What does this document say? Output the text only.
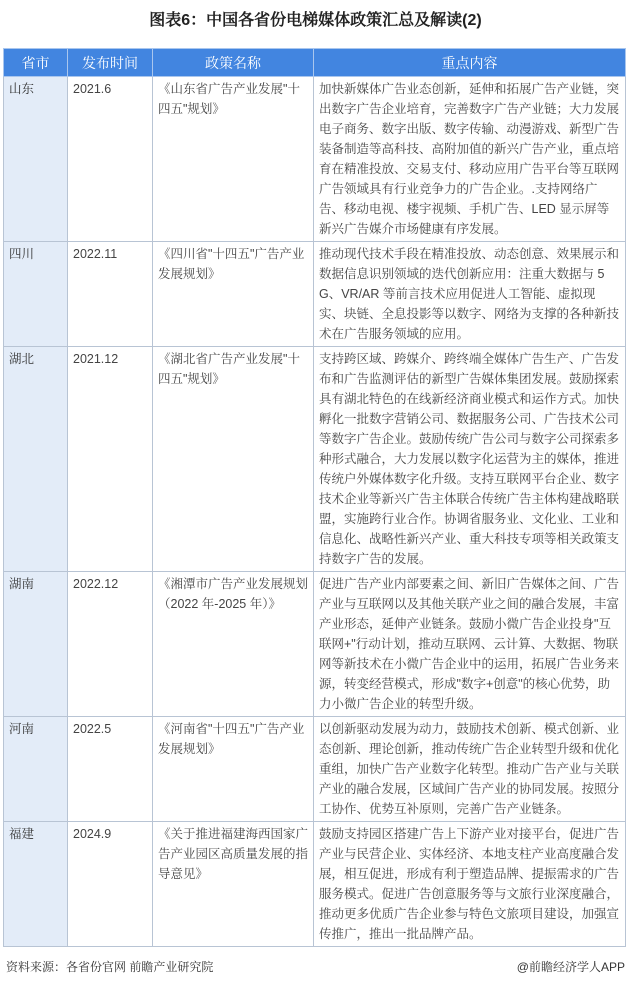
图表6：中国各省份电梯媒体政策汇总及解读(2)
省市	发布时间	政策名称	重点内容
山东	2021.6	《山东省广告产业发展"十四五"规划》	加快新媒体广告业态创新，延伸和拓展广告产业链，突出数字广告企业培育，完善数字广告产业链；大力发展电子商务、数字出版、数字传输、动漫游戏、新型广告装备制造等高科技、高附加值的新兴广告产业，重点培育在精准投放、交易支付、移动应用广告平台等互联网广告领域具有行业竞争力的广告企业。.支持网络广告、移动电视、楼宇视频、手机广告、LED 显示屏等新兴广告媒介市场健康有序发展。
四川	2022.11	《四川省"十四五"广告产业发展规划》	推动现代技术手段在精准投放、动态创意、效果展示和数据信息识别领域的迭代创新应用：注重大数据与 5G、VR/AR 等前言技术应用促进人工智能、虚拟现实、块链、全息投影等以数字、网络为支撑的各种新技术在广告服务领域的应用。
湖北	2021.12	《湖北省广告产业发展"十四五"规划》	支持跨区域、跨媒介、跨终端全媒体广告生产、广告发布和广告监测评估的新型广告媒体集团发展。鼓励探索具有湖北特色的在线新经济商业模式和运作方式。加快孵化一批数字营销公司、数据服务公司、广告技术公司等数字广告企业。鼓励传统广告公司与数字公司探索多种形式融合，大力发展以数字化运营为主的媒体，推进传统户外媒体数字化升级。支持互联网平台企业、数字技术企业等新兴广告主体联合传统广告主体构建战略联盟，实施跨行业合作。协调省服务业、文化业、工业和信息化、战略性新兴产业、重大科技专项等相关政策支持数字广告的发展。
湖南	2022.12	《湘潭市广告产业发展规划（2022 年-2025 年）》	促进广告产业内部要素之间、新旧广告媒体之间、广告产业与互联网以及其他关联产业之间的融合发展，丰富产业形态，延伸产业链条。鼓励小微广告企业投身"互联网+"行动计划，推动互联网、云计算、大数据、物联网等新技术在小微广告企业中的运用，拓展广告业务来源，转变经营模式，形成"数字+创意"的核心优势，助力小微广告企业的转型升级。
河南	2022.5	《河南省"十四五"广告产业发展规划》	以创新驱动发展为动力，鼓励技术创新、模式创新、业态创新、理论创新，推动传统广告企业转型升级和优化重组，加快广告产业数字化转型。推动广告产业与关联产业的融合发展，区域间广告产业的协同发展。按照分工协作、优势互补原则，完善广告产业链条。
福建	2024.9	《关于推进福建海西国家广告产业园区高质量发展的指导意见》	鼓励支持园区搭建广告上下游产业对接平台，促进广告产业与民营企业、实体经济、本地支柱产业高度融合发展，相互促进，形成有利于塑造品牌、提振需求的广告服务模式。促进广告创意服务等与文旅行业深度融合，推动更多优质广告企业参与特色文旅项目建设，加强宣传推广，推出一批品牌产品。
资料来源：各省份官网 前瞻产业研究院	@前瞻经济学人APP
